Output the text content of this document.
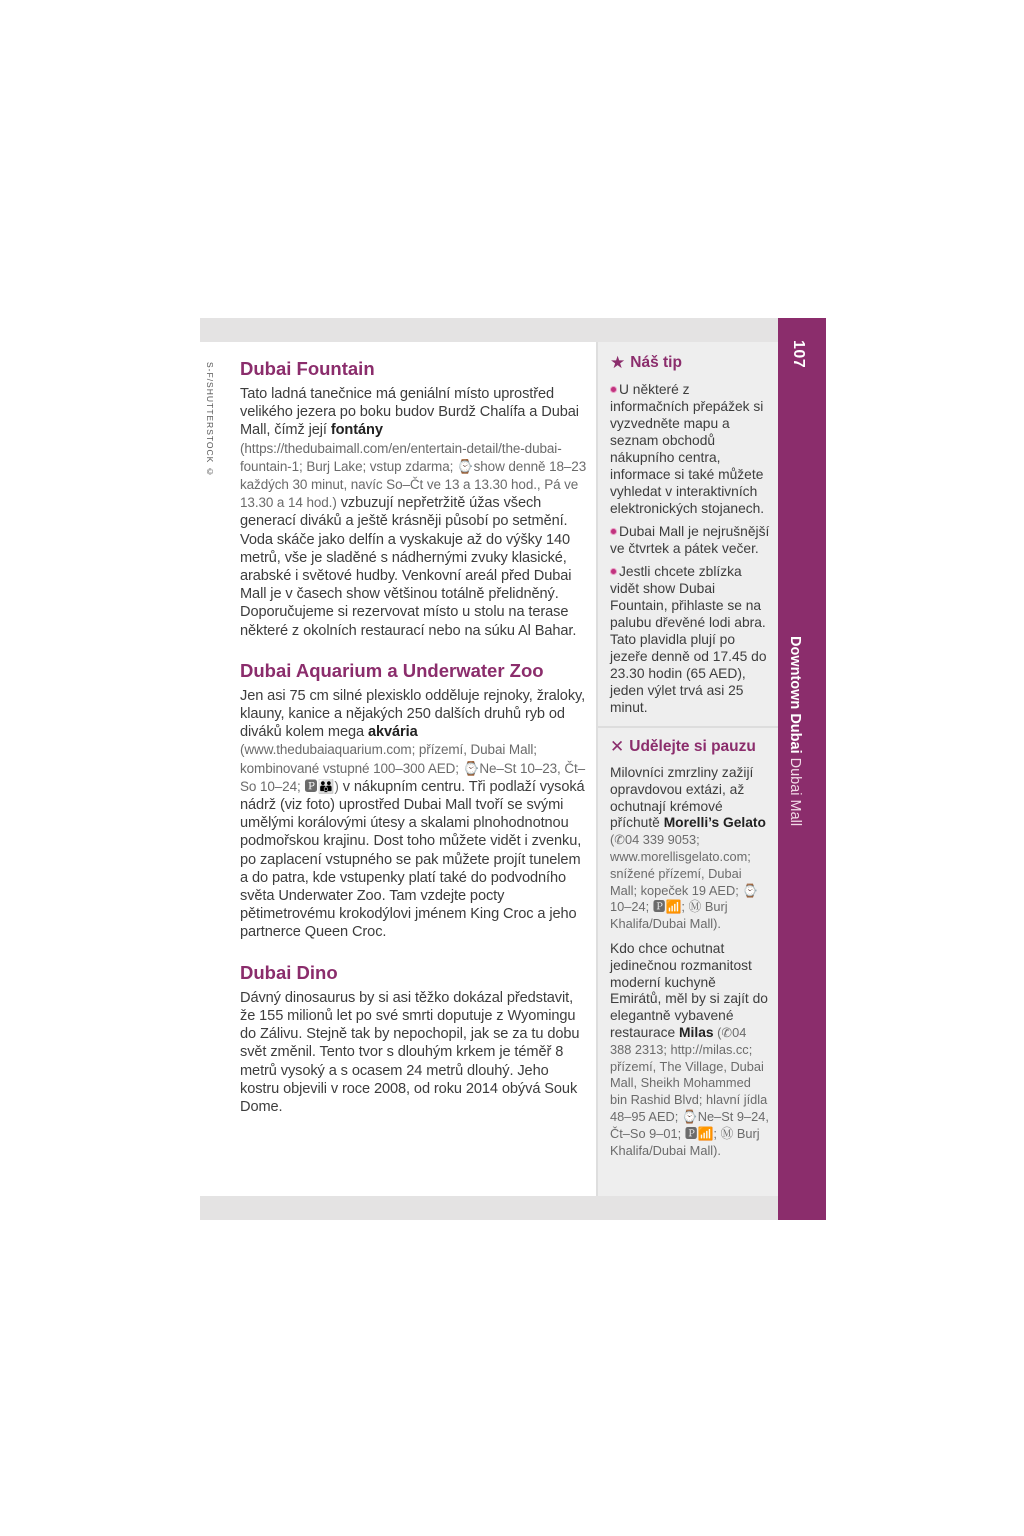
S-F/SHUTTERSTOCK © Dubai Fountain

Tato ladná tanečnice má geniální místo uprostřed velikého jezera po boku budov Burdž Chalífa a Dubai Mall, čímž její fontány (https://thedubaimall.com/en/entertain-detail/the-dubai-fountain-1; Burj Lake; vstup zdarma; ⌚show denně 18–23 každých 30 minut, navíc So–Čt ve 13 a 13.30 hod., Pá ve 13.30 a 14 hod.) vzbuzují nepřetržitě úžas všech generací diváků a ještě krásněji působí po setmění. Voda skáče jako delfín a vyskakuje až do výšky 140 metrů, vše je sladěné s nádhernými zvuky klasické, arabské i světové hudby. Venkovní areál před Dubai Mall je v časech show většinou totálně přelidněný. Doporučujeme si rezervovat místo u stolu na terase některé z okolních restaurací nebo na súku Al Bahar.

Dubai Aquarium a Underwater Zoo

Jen asi 75 cm silné plexisklo odděluje rejnoky, žraloky, klauny, kanice a nějakých 250 dalších druhů ryb od diváků kolem mega akvária (www.thedubaiaquarium.com; přízemí, Dubai Mall; kombinované vstupné 100–300 AED; ⌚Ne–St 10–23, Čt–So 10–24; 🅿👪) v nákupním centru. Tři podlaží vysoká nádrž (viz foto) uprostřed Dubai Mall tvoří se svými umělými korálovými útesy a skalami plnohodnotnou podmořskou krajinu. Dost toho můžete vidět i zvenku, po zaplacení vstupného se pak můžete projít tunelem a do patra, kde vstupenky platí také do podvodního světa Underwater Zoo. Tam vzdejte pocty pětimetrovému krokodýlovi jménem King Croc a jeho partnerce Queen Croc.

Dubai Dino

Dávný dinosaurus by si asi těžko dokázal představit, že 155 milionů let po své smrti doputuje z Wyomingu do Zálivu. Stejně tak by nepochopil, jak se za tu dobu svět změnil. Tento tvor s dlouhým krkem je téměř 8 metrů vysoký a s ocasem 24 metrů dlouhý. Jeho kostru objevili v roce 2008, od roku 2014 obývá Souk Dome.

★ Náš tip

U některé z informačních přepážek si vyzvedněte mapu a seznam obchodů nákupního centra, informace si také můžete vyhledat v interaktivních elektronických stojanech.

Dubai Mall je nejrušnější ve čtvrtek a pátek večer.

Jestli chcete zblízka vidět show Dubai Fountain, přihlaste se na palubu dřevěné lodi abra. Tato plavidla plují po jezeře denně od 17.45 do 23.30 hodin (65 AED), jeden výlet trvá asi 25 minut.

✕ Udělejte si pauzu

Milovníci zmrzliny zažijí opravdovou extázi, až ochutnají krémové příchutě Morelli’s Gelato (✆04 339 9053; www.morellisgelato.com; snížené přízemí, Dubai Mall; kopeček 19 AED; ⌚10–24; 🅿📶; Ⓜ Burj Khalifa/Dubai Mall).

Kdo chce ochutnat jedinečnou rozmanitost moderní kuchyně Emirátů, měl by si zajít do elegantně vybavené restaurace Milas (✆04 388 2313; http://milas.cc; přízemí, The Village, Dubai Mall, Sheikh Mohammed bin Rashid Blvd; hlavní jídla 48–95 AED; ⌚Ne–St 9–24, Čt–So 9–01; 🅿📶; Ⓜ Burj Khalifa/Dubai Mall).

107
Downtown Dubai Dubai Mall
